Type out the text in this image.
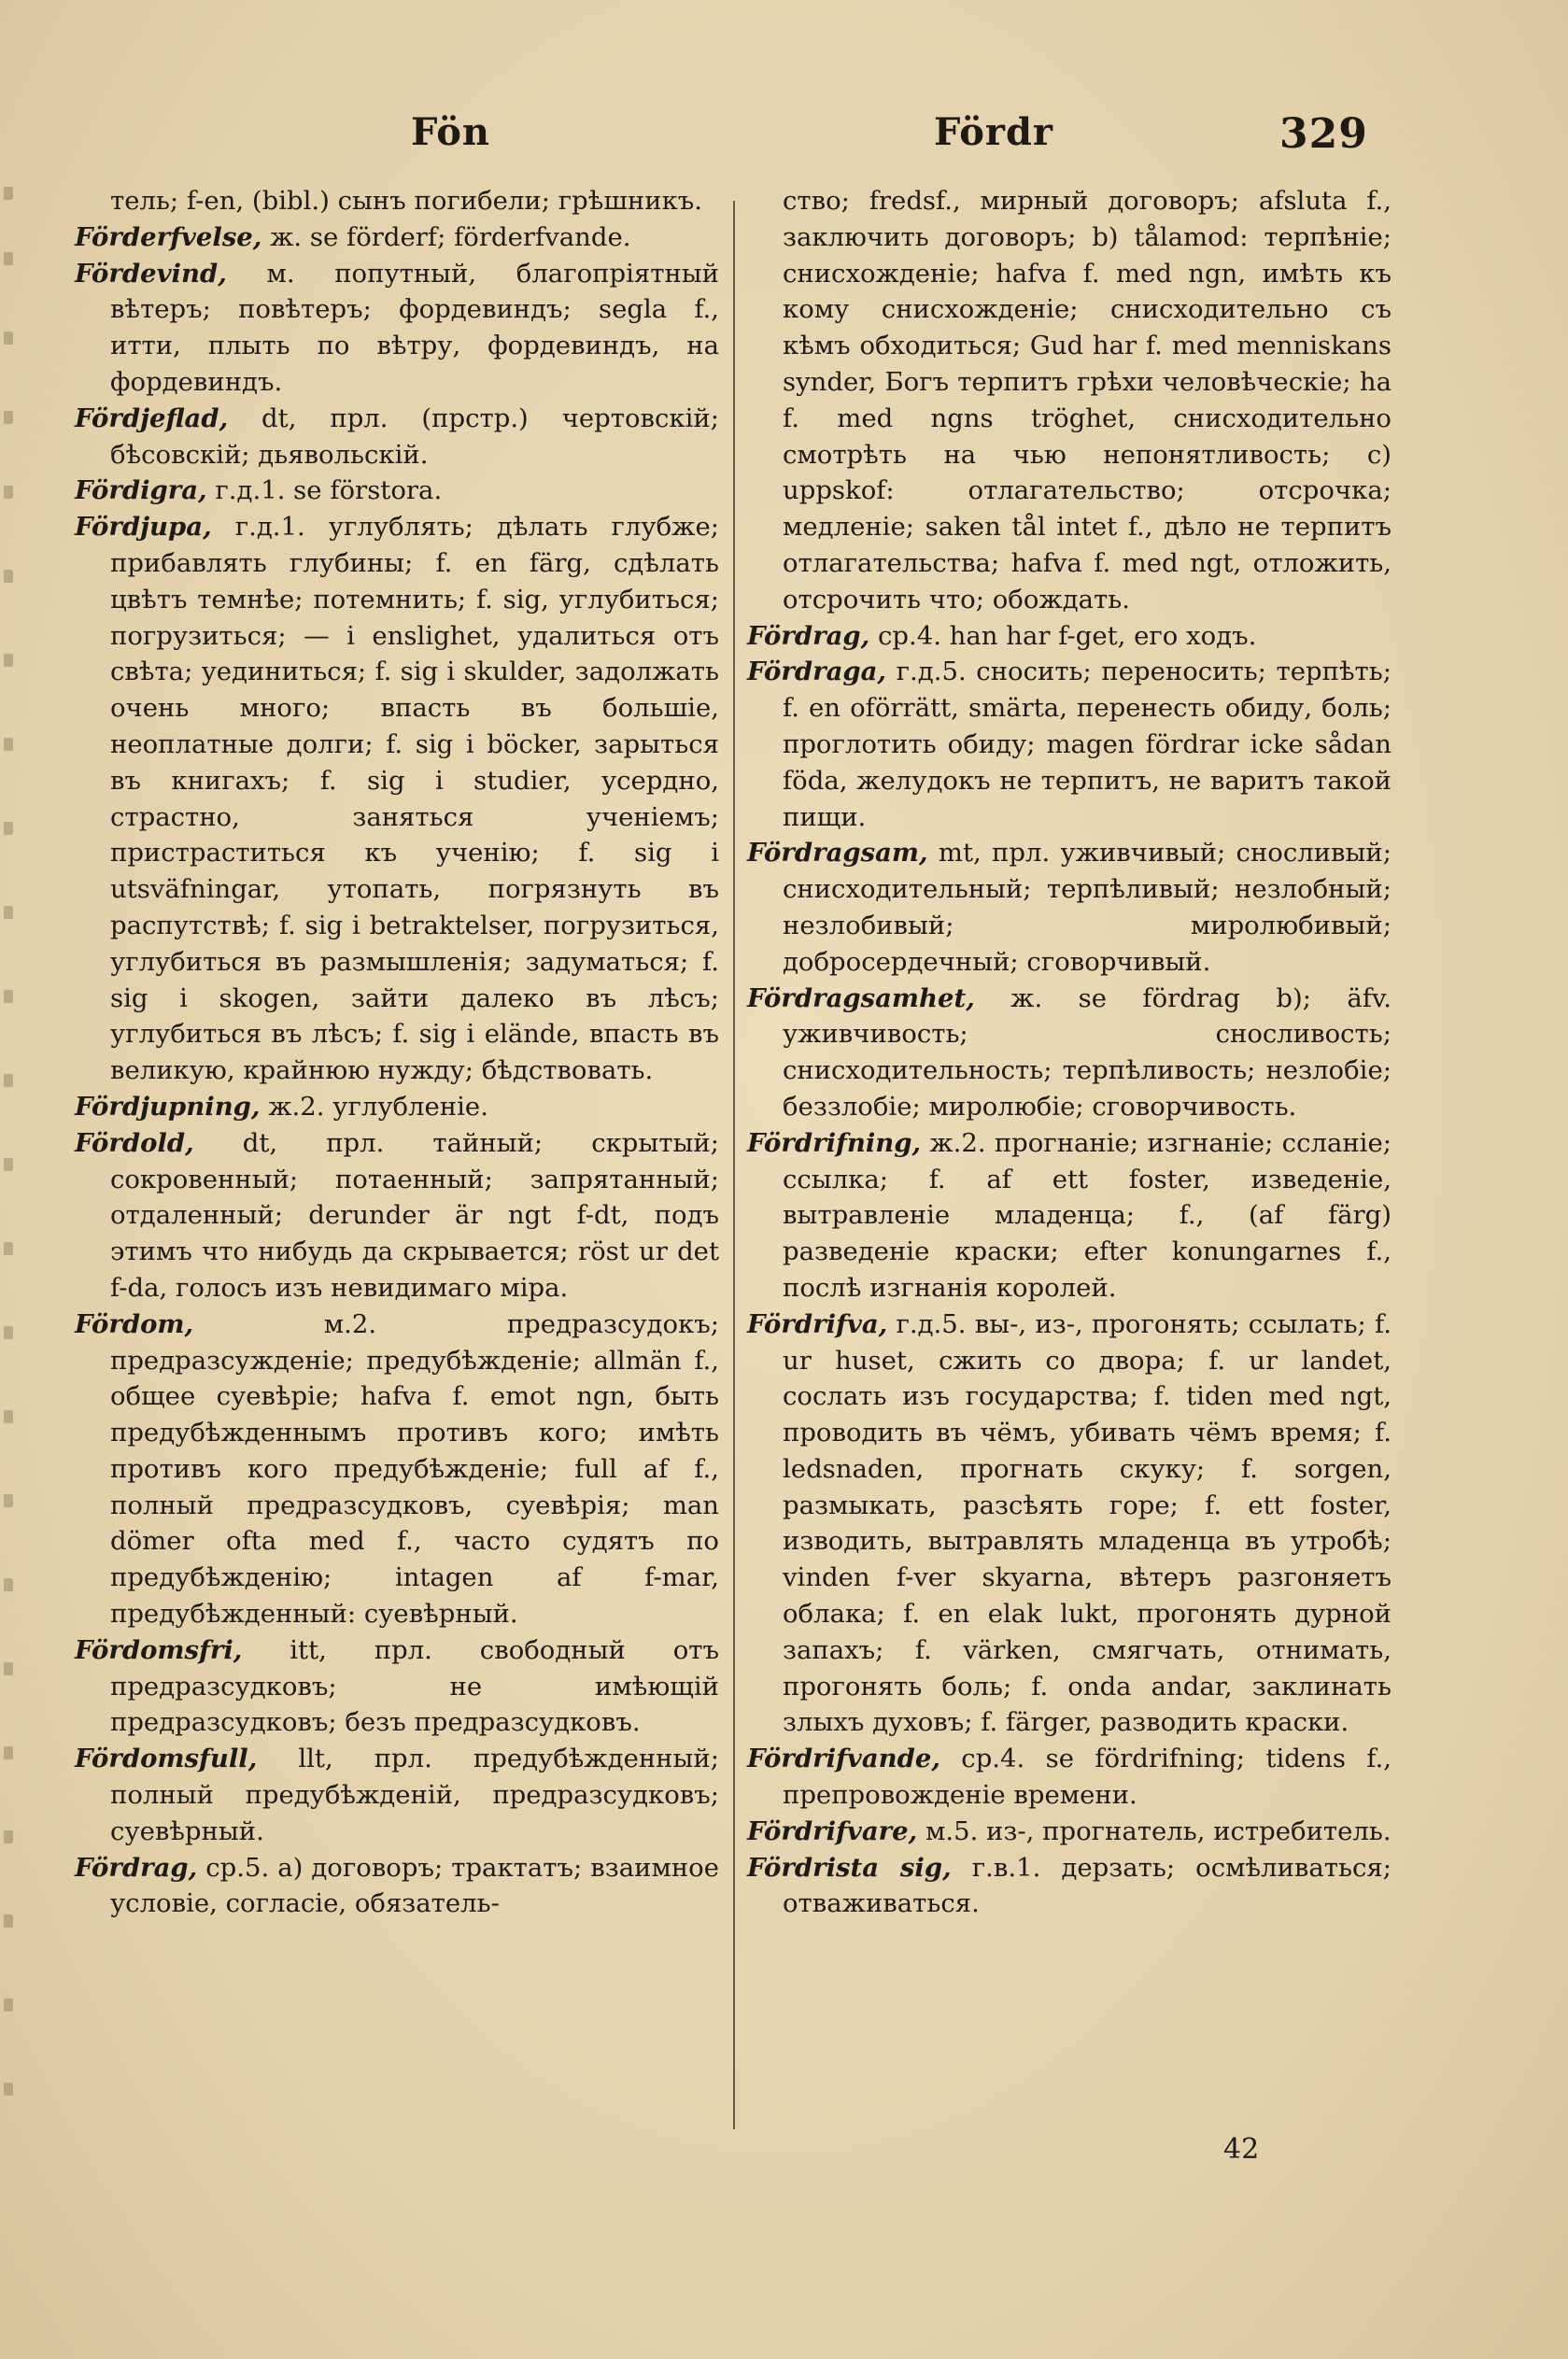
Fön	Fördr	329

тель; f-en, (bibl.) сынъ погибели; грѣшникъ.

Förderfvelse, ж. se förderf; förderfvande.

Fördevind, м. попутный, благопріятный вѣтеръ; повѣтеръ; фордевиндъ; segla f., итти, плыть по вѣтру, фордевиндъ, на фордевиндъ.

Fördjeflad, dt, прл. (прстр.) чертовскій; бѣсовскій; дьявольскій.

Fördigra, г.д.1. se förstora.

Fördjupa, г.д.1. углублять; дѣлать глубже; прибавлять глубины; f. en färg, сдѣлать цвѣтъ темнѣе; потемнить; f. sig, углубиться; погрузиться; — i enslighet, удалиться отъ свѣта; уединиться; f. sig i skulder, задолжать очень много; впасть въ большіе, неоплатные долги; f. sig i böcker, зарыться въ книгахъ; f. sig i studier, усердно, страстно, заняться ученіемъ; пристраститься къ ученію; f. sig i utsväfningar, утопать, погрязнуть въ распутствѣ; f. sig i betraktelser, погрузиться, углубиться въ размышленія; задуматься; f. sig i skogen, зайти далеко въ лѣсъ; углубиться въ лѣсъ; f. sig i elände, впасть въ великую, крайнюю нужду; бѣдствовать.

Fördjupning, ж.2. углубленіе.

Fördold, dt, прл. тайный; скрытый; сокровенный; потаенный; запрятанный; отдаленный; derunder är ngt f-dt, подъ этимъ что нибудь да скрывается; röst ur det f-da, голосъ изъ невидимаго міра.

Fördom, м.2. предразсудокъ; предразсужденіе; предубѣжденіе; allmän f., общее суевѣріе; hafva f. emot ngn, быть предубѣжденнымъ противъ кого; имѣть противъ кого предубѣжденіе; full af f., полный предразсудковъ, суевѣрія; man dömer ofta med f., часто судятъ по предубѣжденію; intagen af f-mar, предубѣжденный: суевѣрный.

Fördomsfri, itt, прл. свободный отъ предразсудковъ; не имѣющій предразсудковъ; безъ предразсудковъ.

Fördomsfull, llt, прл. предубѣжденный; полный предубѣжденій, предразсудковъ; суевѣрный.

Fördrag, ср.5. a) договоръ; трактатъ; взаимное условіе, согласіе, обязатель-

ство; fredsf., мирный договоръ; afsluta f., заключить договоръ; b) tålamod: терпѣніе; снисхожденіе; hafva f. med ngn, имѣть къ кому снисхожденіе; снисходительно съ кѣмъ обходиться; Gud har f. med menniskans synder, Богъ терпитъ грѣхи человѣческіе; ha f. med ngns tröghet, снисходительно смотрѣть на чью непонятливость; c) uppskof: отлагательство; отсрочка; медленіе; saken tål intet f., дѣло не терпитъ отлагательства; hafva f. med ngt, отложить, отсрочить что; обождать.

Fördrag, ср.4. han har f-get, его ходъ.

Fördraga, г.д.5. сносить; переносить; терпѣть; f. en oförrätt, smärta, перенесть обиду, боль; проглотить обиду; magen fördrar icke sådan föda, желудокъ не терпитъ, не варитъ такой пищи.

Fördragsam, mt, прл. уживчивый; сносливый; снисходительный; терпѣливый; незлобный; незлобивый; миролюбивый; добросердечный; сговорчивый.

Fördragsamhet, ж. se fördrag b); äfv. уживчивость; сносливость; снисходительность; терпѣливость; незлобіе; беззлобіе; миролюбіе; сговорчивость.

Fördrifning, ж.2. прогнаніе; изгнаніе; ссланіе; ссылка; f. af ett foster, изведеніе, вытравленіе младенца; f., (af färg) разведеніе краски; efter konungarnes f., послѣ изгнанія королей.

Fördrifva, г.д.5. вы-, из-, прогонять; ссылать; f. ur huset, сжить со двора; f. ur landet, сослать изъ государства; f. tiden med ngt, проводить въ чёмъ, убивать чёмъ время; f. ledsnaden, прогнать скуку; f. sorgen, размыкать, разсѣять горе; f. ett foster, изводить, вытравлять младенца въ утробѣ; vinden f-ver skyarna, вѣтеръ разгоняетъ облака; f. en elak lukt, прогонять дурной запахъ; f. värken, смягчать, отнимать, прогонять боль; f. onda andar, заклинать злыхъ духовъ; f. färger, разводить краски.

Fördrifvande, ср.4. se fördrifning; tidens f., препровожденіе времени.

Fördrifvare, м.5. из-, прогнатель, истребитель.

Fördrista sig, г.в.1. дерзать; осмѣливаться; отваживаться.

42
